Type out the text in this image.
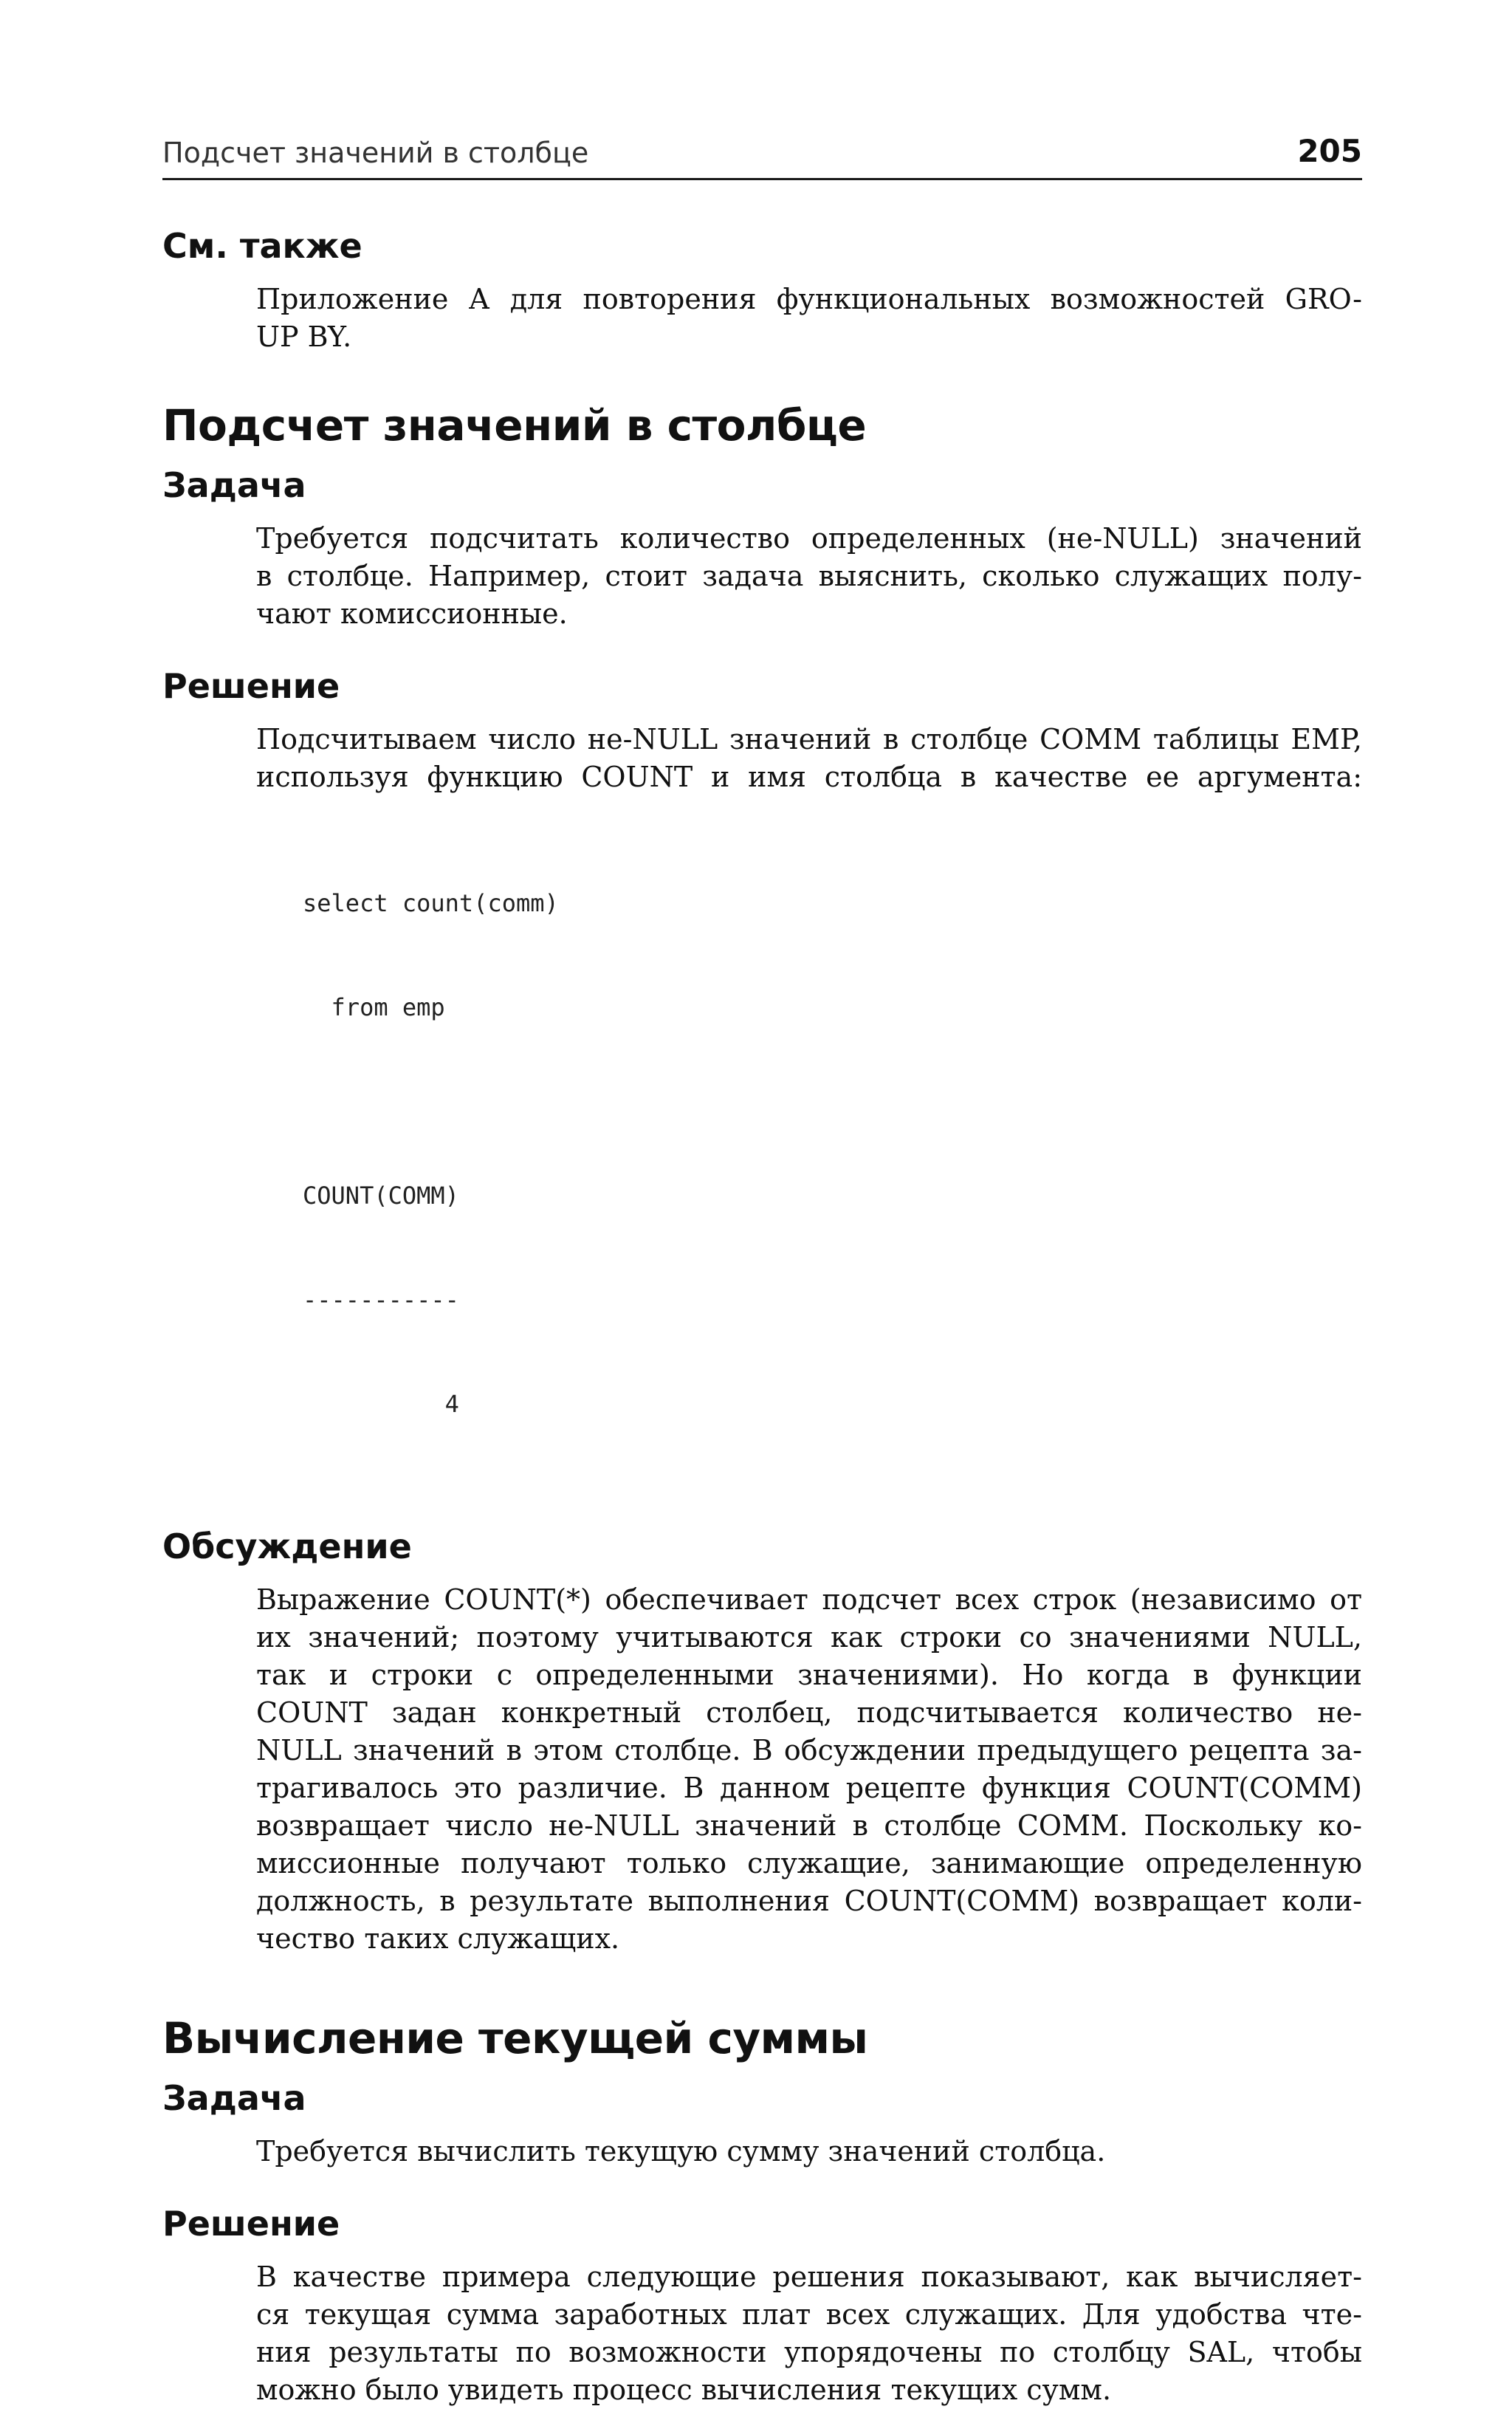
Подсчет значений в столбце	205
См. также

Приложение А для повторения функциональных возможностей GRO-
UP BY.

Подсчет значений в столбце
Задача

Требуется подсчитать количество определенных (не-NULL) значений
в столбце. Например, стоит задача выяснить, сколько служащих полу-
чают комиссионные.

Решение

Подсчитываем число не-NULL значений в столбце COMM таблицы EMP,
используя функцию COUNT и имя столбца в качестве ее аргумента:

select count(comm)

from emp

COUNT(COMM)

-----------

4

Обсуждение

Выражение COUNT(*) обеспечивает подсчет всех строк (независимо от
их значений; поэтому учитываются как строки со значениями NULL,
так и строки с определенными значениями). Но когда в функции
COUNT задан конкретный столбец, подсчитывается количество не-
NULL значений в этом столбце. В обсуждении предыдущего рецепта за-
трагивалось это различие. В данном рецепте функция COUNT(COMM)
возвращает число не-NULL значений в столбце COMM. Поскольку ко-
миссионные получают только служащие, занимающие определенную
должность, в результате выполнения COUNT(COMM) возвращает коли-
чество таких служащих.

Вычисление текущей суммы
Задача

Требуется вычислить текущую сумму значений столбца.

Решение

В качестве примера следующие решения показывают, как вычисляет-
ся текущая сумма заработных плат всех служащих. Для удобства чте-
ния результаты по возможности упорядочены по столбцу SAL, чтобы
можно было увидеть процесс вычисления текущих сумм.
